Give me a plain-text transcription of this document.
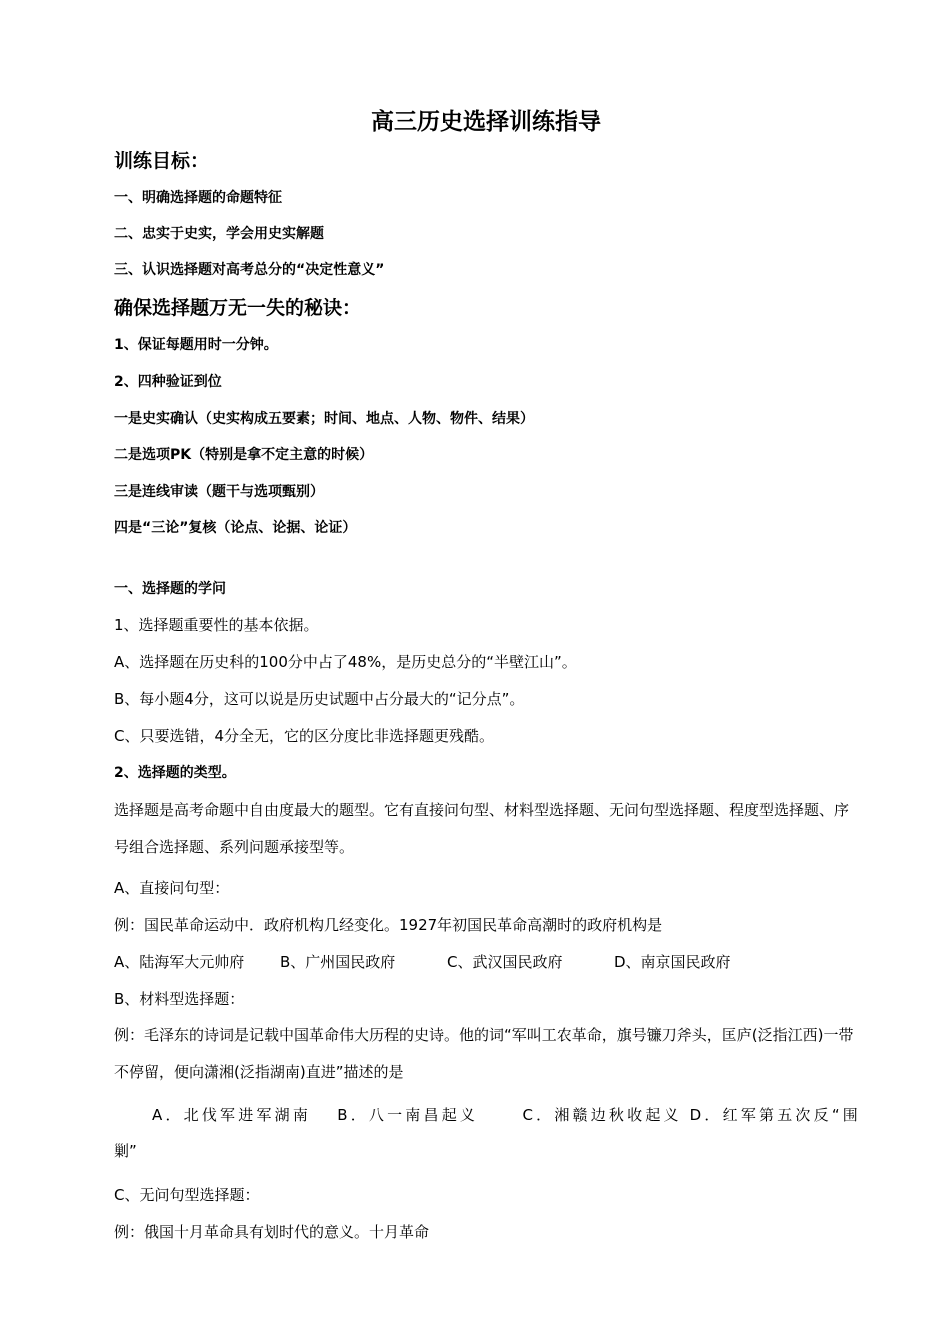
高三历史选择训练指导
训练目标：
一、明确选择题的命题特征
二、忠实于史实，学会用史实解题
三、认识选择题对高考总分的“决定性意义”
确保选择题万无一失的秘诀：
1、保证每题用时一分钟。
2、四种验证到位
一是史实确认（史实构成五要素；时间、地点、人物、物件、结果）
二是选项PK（特别是拿不定主意的时候）
三是连线审读（题干与选项甄别）
四是“三论”复核（论点、论据、论证）
一、选择题的学问
1、选择题重要性的基本依据。
A、选择题在历史科的100分中占了48%，是历史总分的“半壁江山”。
B、每小题4分，这可以说是历史试题中占分最大的“记分点”。
C、只要选错，4分全无，它的区分度比非选择题更残酷。
2、选择题的类型。
选择题是高考命题中自由度最大的题型。它有直接问句型、材料型选择题、无问句型选择题、程度型选择题、序号组合选择题、系列问题承接型等。
A、直接问句型：
例：国民革命运动中．政府机构几经变化。1927年初国民革命高潮时的政府机构是
A、陆海军大元帅府 B、广州国民政府	C、武汉国民政府	D、南京国民政府
B、材料型选择题：
例：毛泽东的诗词是记载中国革命伟大历程的史诗。他的词“军叫工农革命，旗号镰刀斧头，匡庐(泛指江西)一带不停留，便向潇湘(泛指湖南)直进”描述的是
A．北伐军进军湖南　 B．八一南昌起义　　 C．湘赣边秋收起义 D．红军第五次反“围
剿”
C、无问句型选择题：
例：俄国十月革命具有划时代的意义。十月革命
